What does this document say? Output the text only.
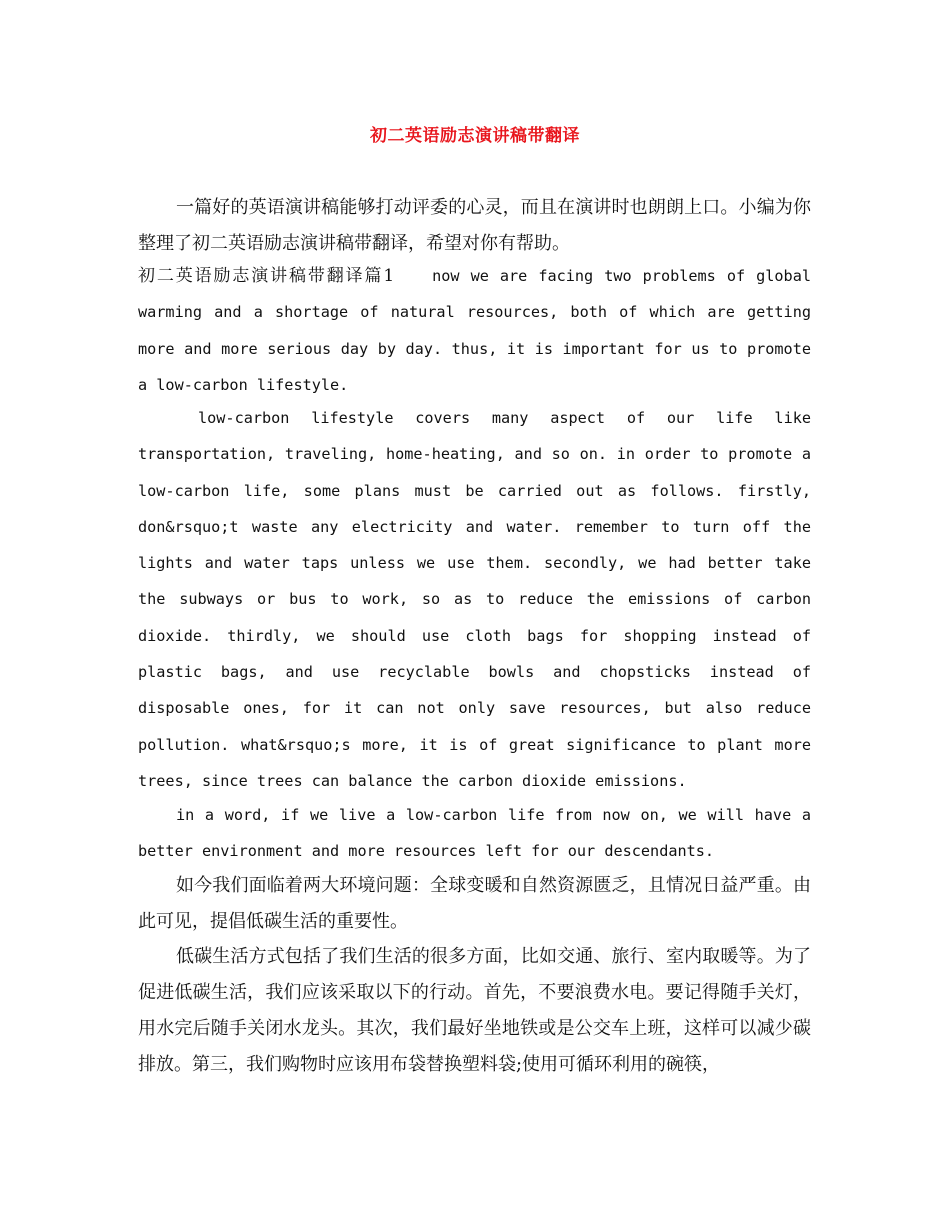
初二英语励志演讲稿带翻译

一篇好的英语演讲稿能够打动评委的心灵，而且在演讲时也朗朗上口。小编为你整理了初二英语励志演讲稿带翻译，希望对你有帮助。

初二英语励志演讲稿带翻译篇1	now we are facing two problems of global warming and a shortage of natural resources, both of which are getting more and more serious day by day. thus, it is important for us to promote a low-carbon lifestyle.

low-carbon lifestyle covers many aspect of our life like transportation, traveling, home-heating, and so on. in order to promote a low-carbon life, some plans must be carried out as follows. firstly, don&rsquo;t waste any electricity and water. remember to turn off the lights and water taps unless we use them. secondly, we had better take the subways or bus to work, so as to reduce the emissions of carbon dioxide. thirdly, we should use cloth bags for shopping instead of plastic bags, and use recyclable bowls and chopsticks instead of disposable ones, for it can not only save resources, but also reduce pollution. what&rsquo;s more, it is of great significance to plant more trees, since trees can balance the carbon dioxide emissions.

in a word, if we live a low-carbon life from now on, we will have a better environment and more resources left for our descendants.

如今我们面临着两大环境问题：全球变暖和自然资源匮乏，且情况日益严重。由此可见，提倡低碳生活的重要性。

低碳生活方式包括了我们生活的很多方面，比如交通、旅行、室内取暖等。为了促进低碳生活，我们应该采取以下的行动。首先，不要浪费水电。要记得随手关灯，用水完后随手关闭水龙头。其次，我们最好坐地铁或是公交车上班，这样可以减少碳排放。第三，我们购物时应该用布袋替换塑料袋;使用可循环利用的碗筷，
